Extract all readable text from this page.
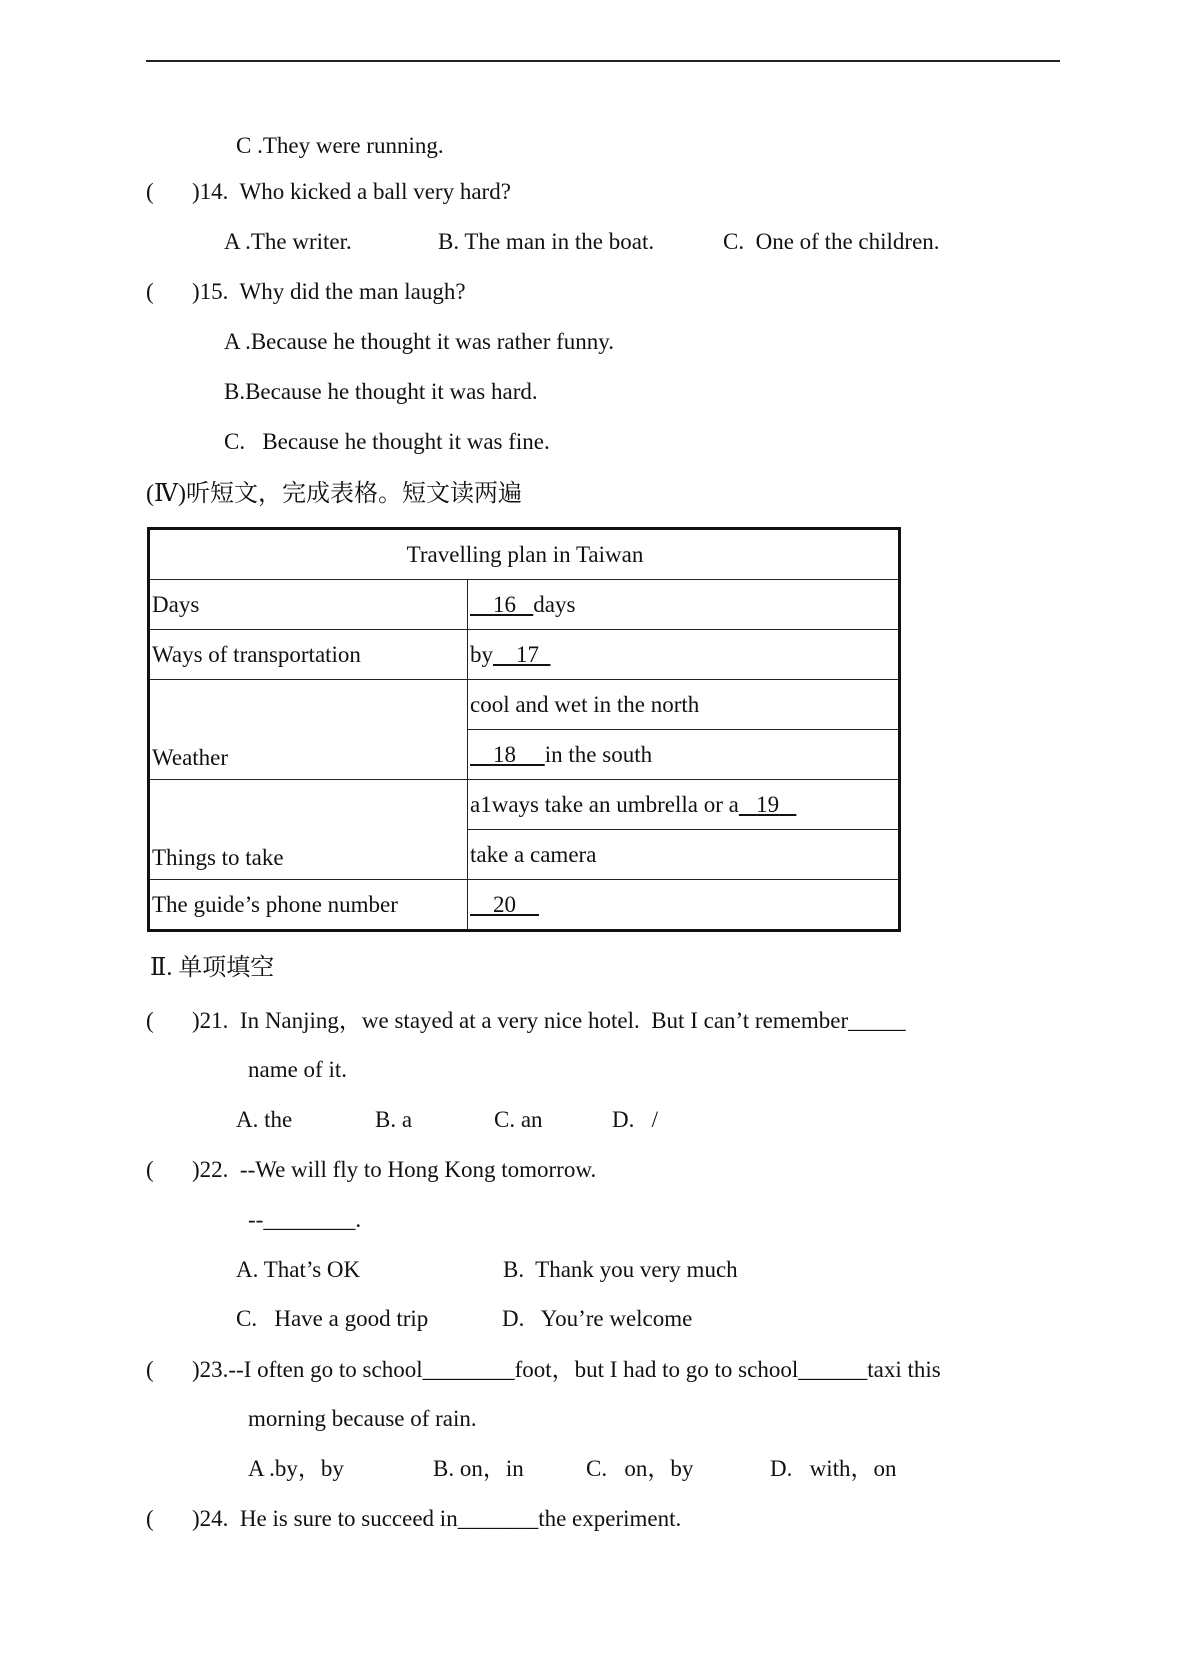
C .They were running.
( )14.  Who kicked a ball very hard?
A .The writer.	B. The man in the boat.	C.  One of the children.
( )15.  Why did the man laugh?
A .Because he thought it was rather funny.
B.Because he thought it was hard.
C.   Because he thought it was fine.
(Ⅳ)听短文，完成表格。短文读两遍
Travelling plan in Taiwan	
Days	16 days
Ways of transportation	by 17
Weather	cool and wet in the north
	18 in the south
Things to take	a1ways take an umbrella or a 19
	take a camera
The guide’s phone number	20
Ⅱ. 单项填空
( )21.  In Nanjing，we stayed at a very nice hotel.  But I can’t remember_____
name of it.
A. the	B. a	C. an	D.   /
( )22.  --We will fly to Hong Kong tomorrow.
--________.
A. That’s OK	B.  Thank you very much
C.   Have a good trip	D.   You’re welcome
( )23.--I often go to school________foot，but I had to go to school______taxi this
morning because of rain.
A .by，by	B. on，in	C.   on，by	D.   with，on
( )24.  He is sure to succeed in_______the experiment.
